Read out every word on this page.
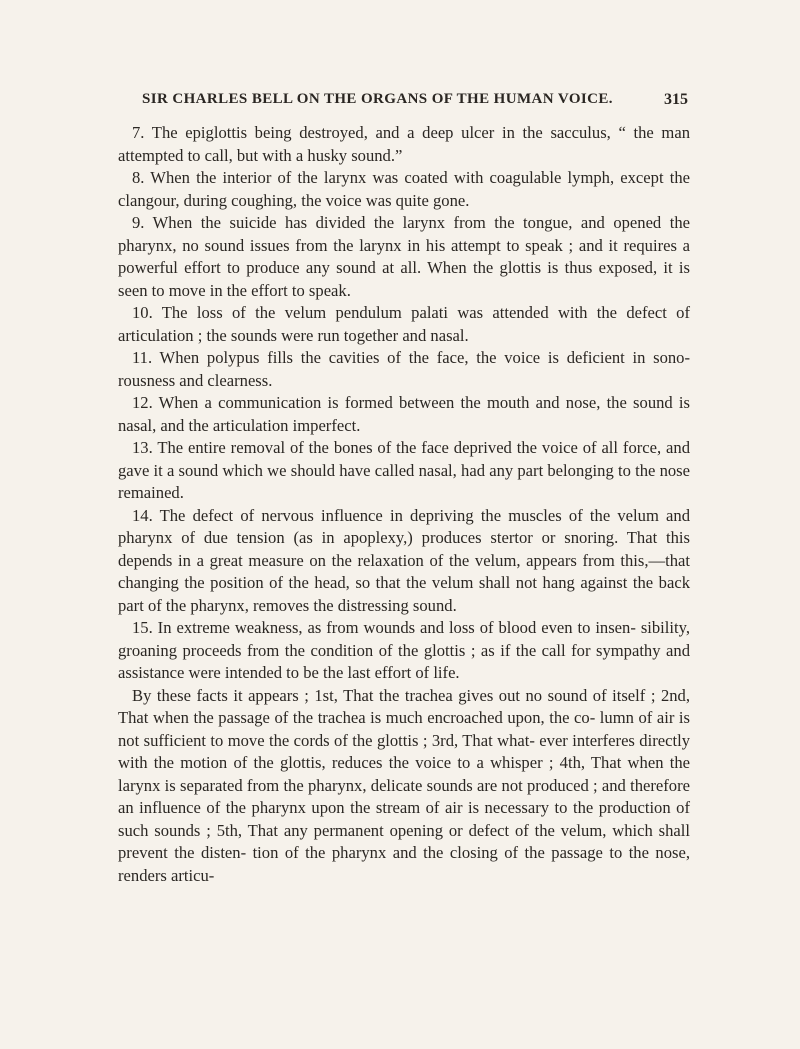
SIR CHARLES BELL ON THE ORGANS OF THE HUMAN VOICE.	315

7. The epiglottis being destroyed, and a deep ulcer in the sacculus, “ the man attempted to call, but with a husky sound.”

8. When the interior of the larynx was coated with coagulable lymph, except the clangour, during coughing, the voice was quite gone.

9. When the suicide has divided the larynx from the tongue, and opened the pharynx, no sound issues from the larynx in his attempt to speak ; and it requires a powerful effort to produce any sound at all. When the glottis is thus exposed, it is seen to move in the effort to speak.

10. The loss of the velum pendulum palati was attended with the defect of articulation ; the sounds were run together and nasal.

11. When polypus fills the cavities of the face, the voice is deficient in sono- rousness and clearness.

12. When a communication is formed between the mouth and nose, the sound is nasal, and the articulation imperfect.

13. The entire removal of the bones of the face deprived the voice of all force, and gave it a sound which we should have called nasal, had any part belonging to the nose remained.

14. The defect of nervous influence in depriving the muscles of the velum and pharynx of due tension (as in apoplexy,) produces stertor or snoring. That this depends in a great measure on the relaxation of the velum, appears from this,—that changing the position of the head, so that the velum shall not hang against the back part of the pharynx, removes the distressing sound.

15. In extreme weakness, as from wounds and loss of blood even to insen- sibility, groaning proceeds from the condition of the glottis ; as if the call for sympathy and assistance were intended to be the last effort of life.

By these facts it appears ; 1st, That the trachea gives out no sound of itself ; 2nd, That when the passage of the trachea is much encroached upon, the co- lumn of air is not sufficient to move the cords of the glottis ; 3rd, That what- ever interferes directly with the motion of the glottis, reduces the voice to a whisper ; 4th, That when the larynx is separated from the pharynx, delicate sounds are not produced ; and therefore an influence of the pharynx upon the stream of air is necessary to the production of such sounds ; 5th, That any permanent opening or defect of the velum, which shall prevent the disten- tion of the pharynx and the closing of the passage to the nose, renders articu-
